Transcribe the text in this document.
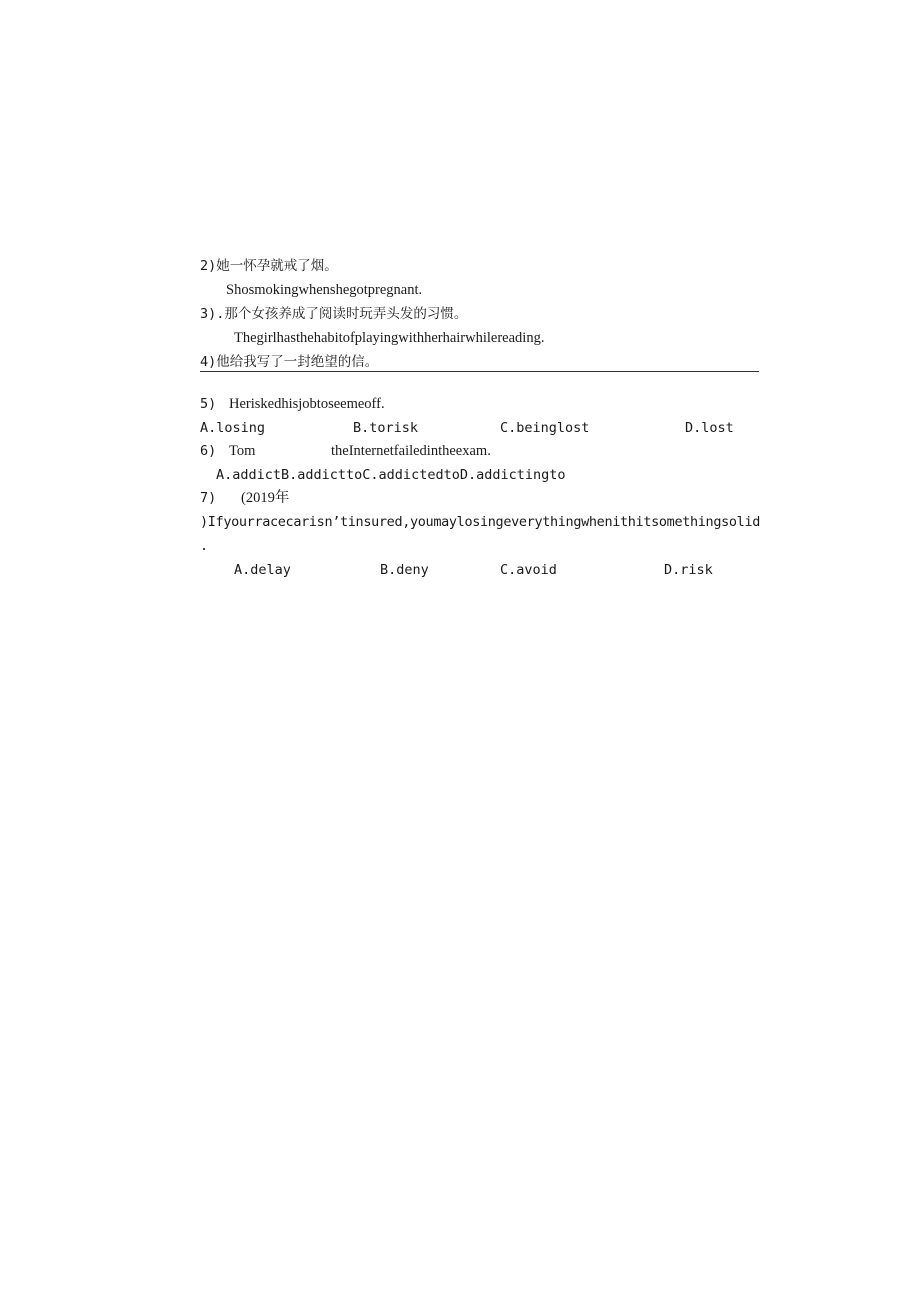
2)她一怀孕就戒了烟。
Shosmokingwhenshegotpregnant.
3).那个女孩养成了阅读时玩弄头发的习惯。
Thegirlhasthehabitofplayingwithherhairwhilereading.
4)他给我写了一封绝望的信。
5) Heriskedhisjobtoseemeoff.
A.losing	B.torisk	C.beinglost	D.lost
6) Tom	theInternetfailedintheexam.
A.addictB.addicttoC.addictedtoD.addictingto
7) (2019年
)Ifyourracecarisn’tinsured,youmaylosingeverythingwhenithitsomethingsolid
.
A.delay	B.deny	C.avoid	D.risk
